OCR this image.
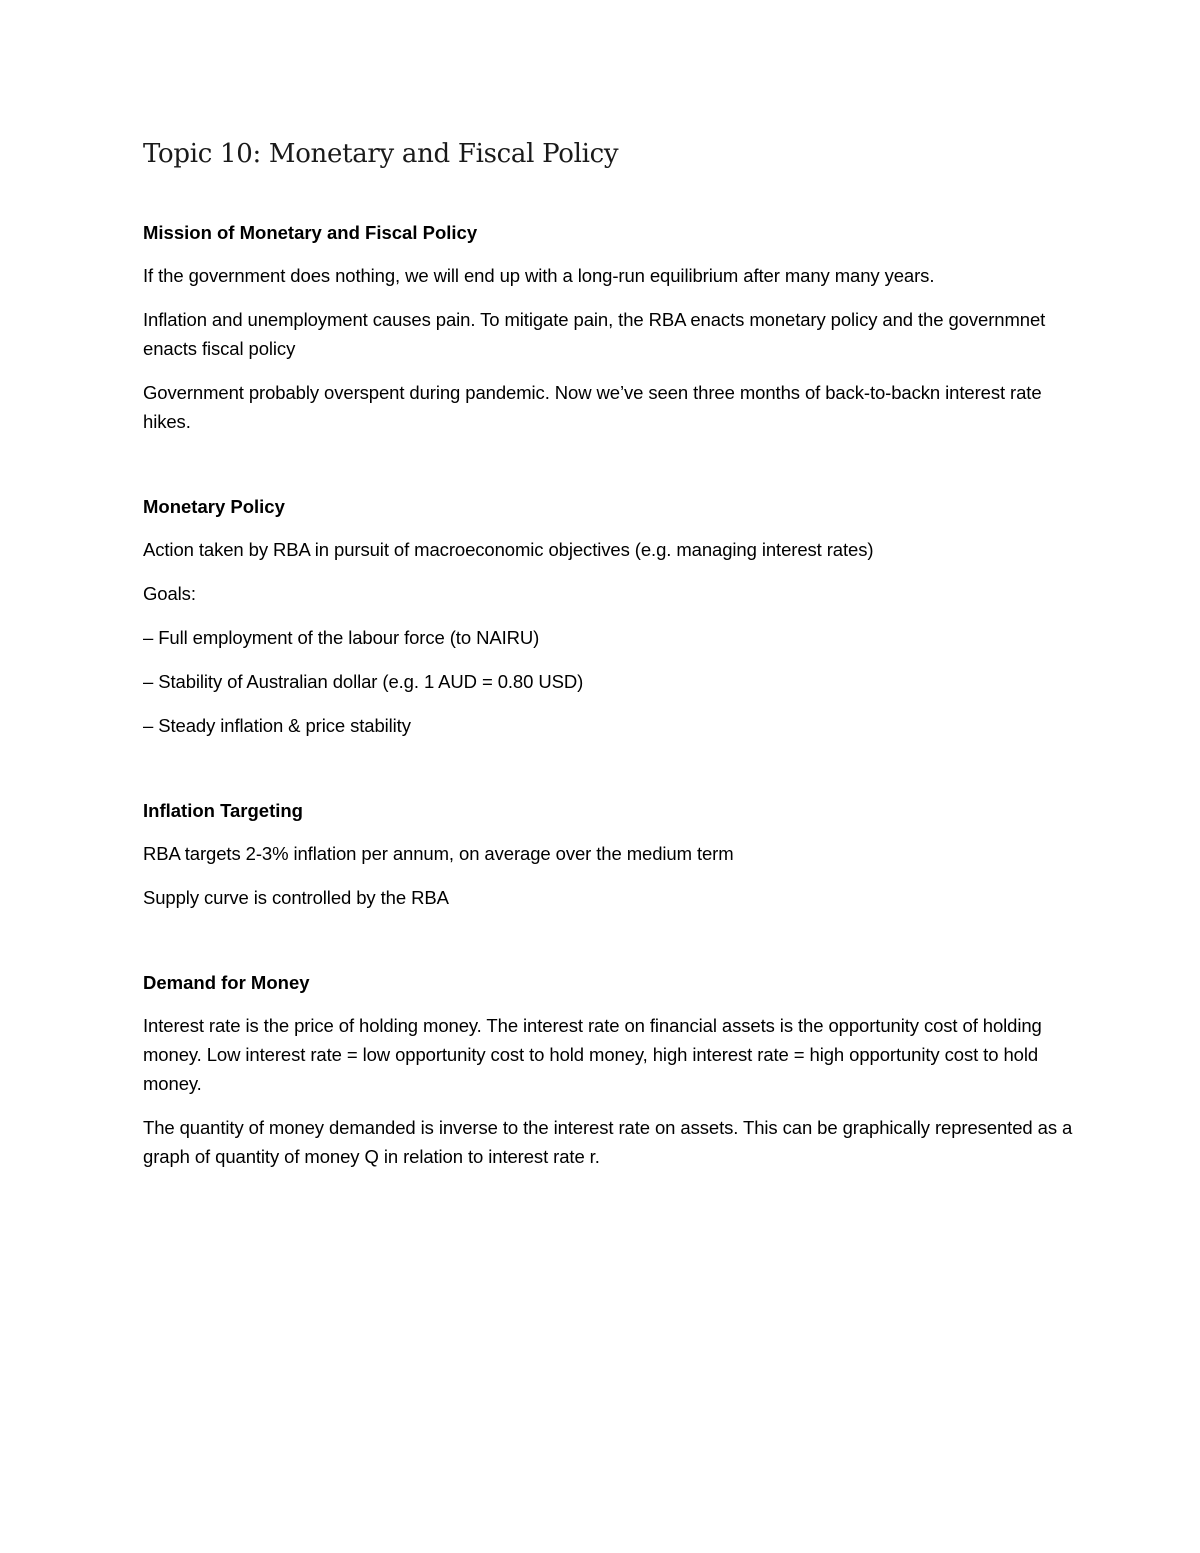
Topic 10: Monetary and Fiscal Policy
Mission of Monetary and Fiscal Policy

If the government does nothing, we will end up with a long-run equilibrium after many many years.

Inflation and unemployment causes pain. To mitigate pain, the RBA enacts monetary policy and the governmnet enacts fiscal policy

Government probably overspent during pandemic. Now we’ve seen three months of back-to-backn interest rate hikes.

Monetary Policy

Action taken by RBA in pursuit of macroeconomic objectives (e.g. managing interest rates)

Goals:

– Full employment of the labour force (to NAIRU)

– Stability of Australian dollar (e.g. 1 AUD = 0.80 USD)

– Steady inflation & price stability

Inflation Targeting

RBA targets 2-3% inflation per annum, on average over the medium term

Supply curve is controlled by the RBA

Demand for Money

Interest rate is the price of holding money. The interest rate on financial assets is the opportunity cost of holding money. Low interest rate = low opportunity cost to hold money, high interest rate = high opportunity cost to hold money.

The quantity of money demanded is inverse to the interest rate on assets. This can be graphically represented as a graph of quantity of money Q in relation to interest rate r.
